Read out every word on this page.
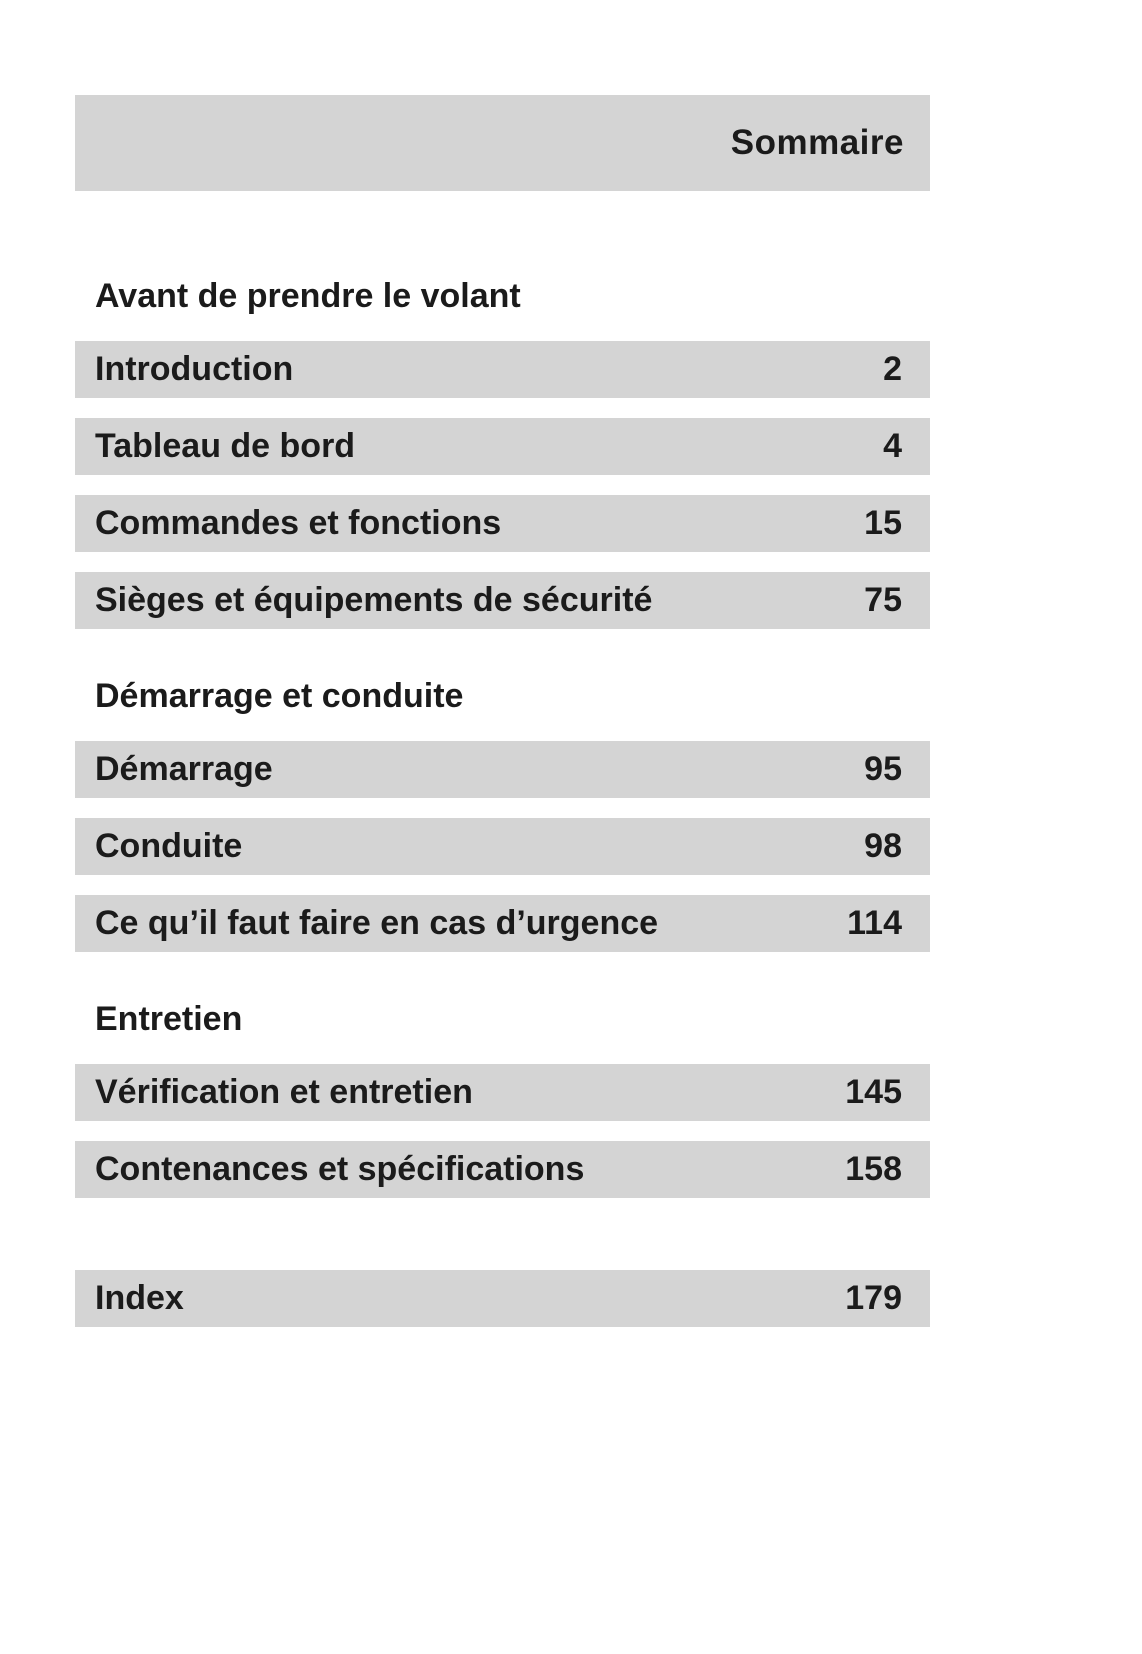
Sommaire
Avant de prendre le volant
Introduction	2
Tableau de bord	4
Commandes et fonctions	15
Sièges et équipements de sécurité	75
Démarrage et conduite
Démarrage	95
Conduite	98
Ce qu’il faut faire en cas d’urgence	114
Entretien
Vérification et entretien	145
Contenances et spécifications	158
Index	179
